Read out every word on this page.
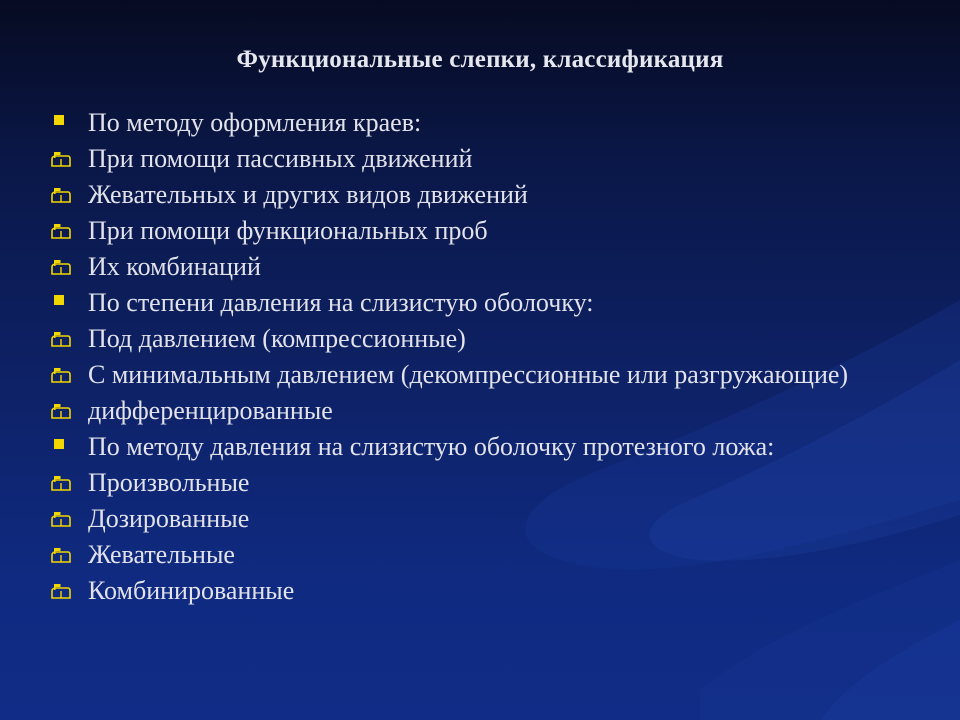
Функциональные слепки, классификация
По методу оформления краев:
При помощи пассивных движений
Жевательных и других видов движений
При помощи функциональных проб
Их комбинаций
По степени давления на слизистую оболочку:
Под давлением (компрессионные)
С минимальным давлением (декомпрессионные или разгружающие)
дифференцированные
По методу давления на слизистую оболочку протезного ложа:
Произвольные
Дозированные
Жевательные
Комбинированные
